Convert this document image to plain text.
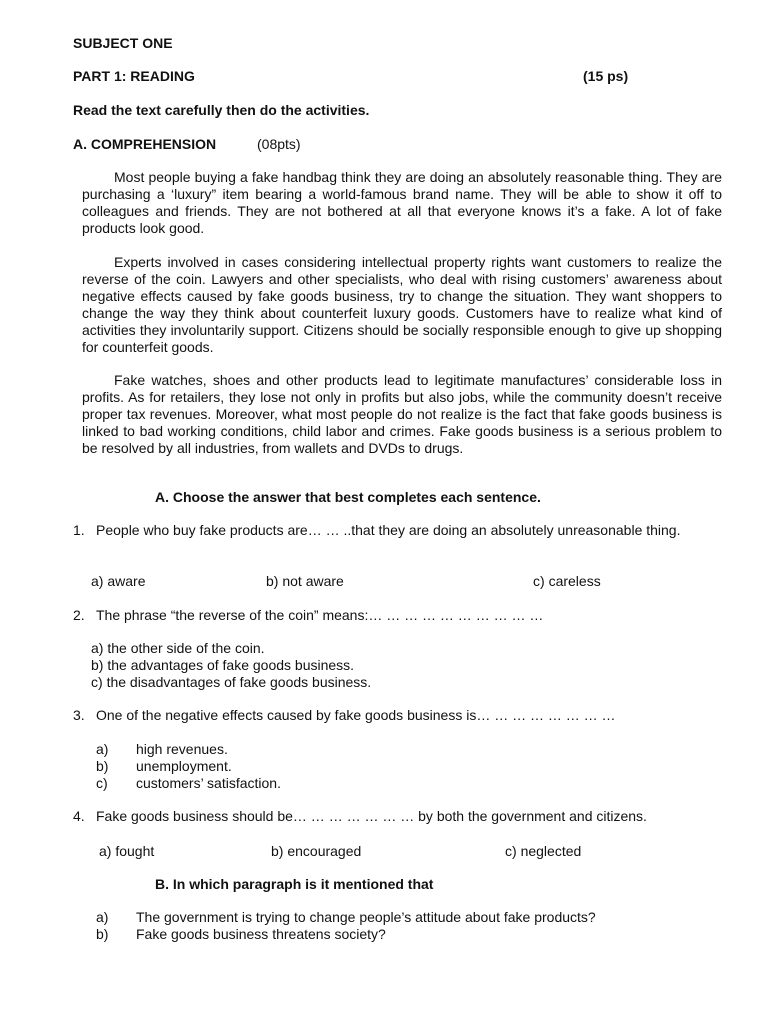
SUBJECT ONE
PART 1: READING	(15 ps)
Read the text carefully then do the activities.
A. COMPREHENSION	(08pts)

Most people buying a fake handbag think they are doing an absolutely reasonable thing. They are purchasing a ‘luxury” item bearing a world-famous brand name. They will be able to show it off to colleagues and friends. They are not bothered at all that everyone knows it’s a fake. A lot of fake products look good.

Experts involved in cases considering intellectual property rights want customers to realize the reverse of the coin. Lawyers and other specialists, who deal with rising customers’ awareness about negative effects caused by fake goods business, try to change the situation. They want shoppers to change the way they think about counterfeit luxury goods. Customers have to realize what kind of activities they involuntarily support. Citizens should be socially responsible enough to give up shopping for counterfeit goods.

Fake watches, shoes and other products lead to legitimate manufactures’ considerable loss in profits. As for retailers, they lose not only in profits but also jobs, while the community doesn’t receive proper tax revenues. Moreover, what most people do not realize is the fact that fake goods business is linked to bad working conditions, child labor and crimes. Fake goods business is a serious problem to be resolved by all industries, from wallets and DVDs to drugs.

A. Choose the answer that best completes each sentence.
1. People who buy fake products are… … ..that they are doing an absolutely unreasonable thing.
a) aware	b) not aware	c) careless
2. The phrase “the reverse of the coin” means:… … … … … … … … … …
a) the other side of the coin.
b) the advantages of fake goods business.
c) the disadvantages of fake goods business.
3. One of the negative effects caused by fake goods business is… … … … … … … …
a) high revenues.
b) unemployment.
c) customers’ satisfaction.
4. Fake goods business should be… … … … … … … by both the government and citizens.
a) fought	b) encouraged	c) neglected
B. In which paragraph is it mentioned that
a) The government is trying to change people’s attitude about fake products?
b) Fake goods business threatens society?
